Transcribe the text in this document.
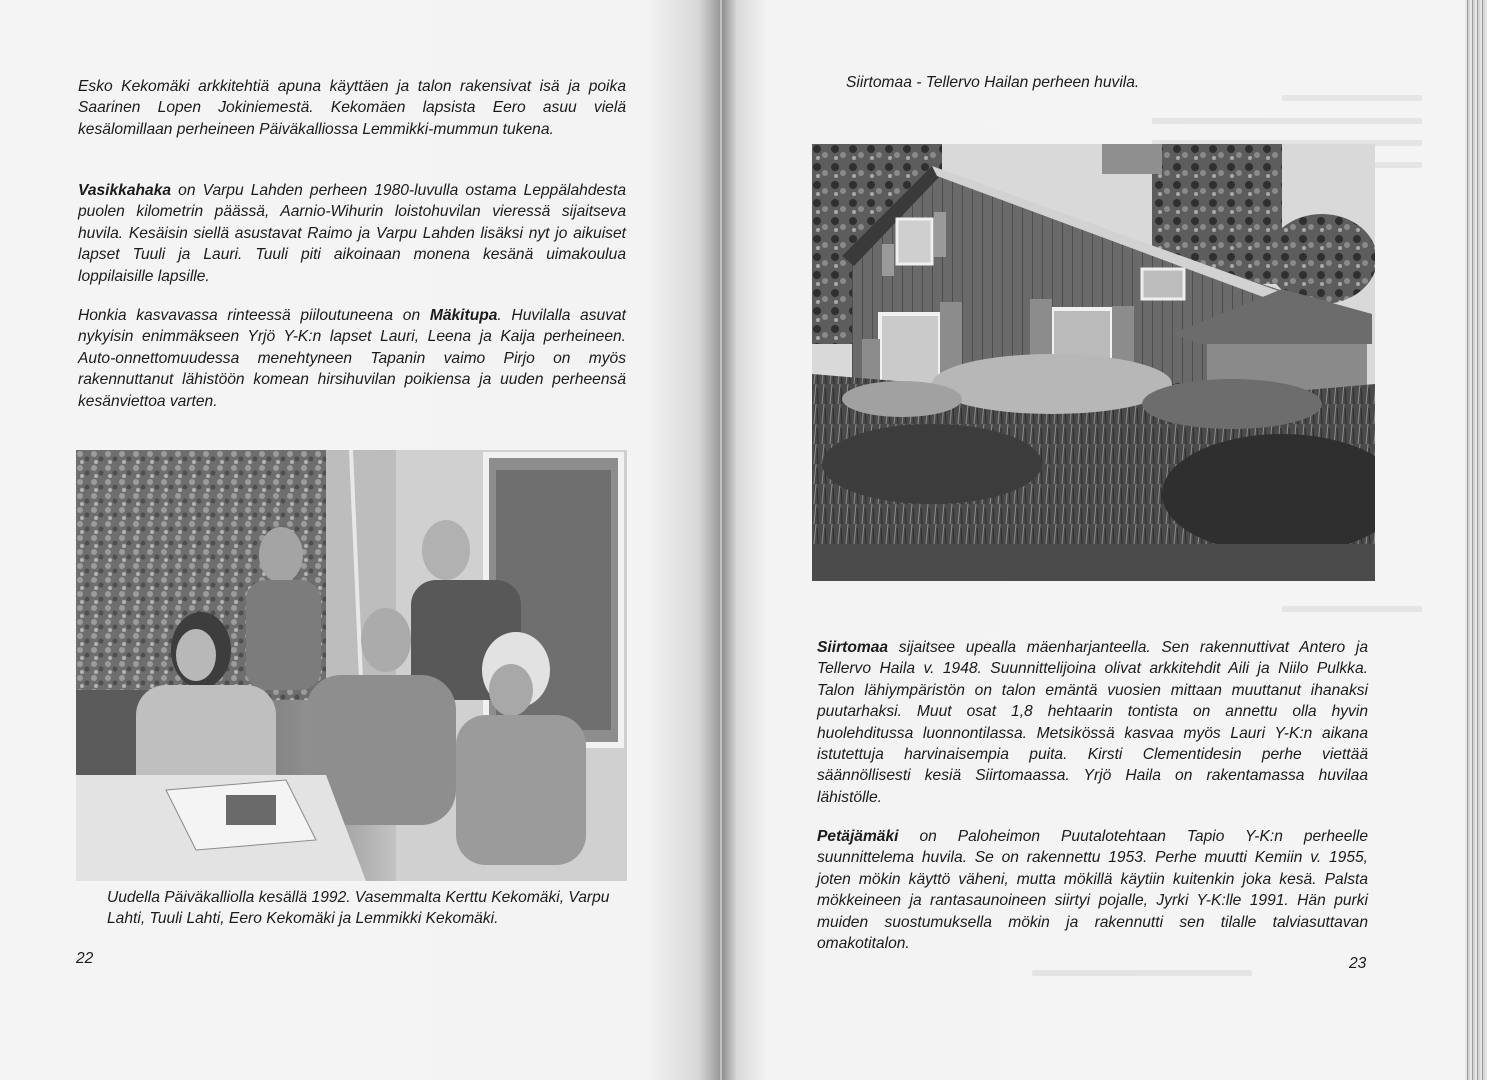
Esko Kekomäki arkkitehtiä apuna käyttäen ja talon rakensivat isä ja poika Saarinen Lopen Jokiniemestä. Kekomäen lapsista Eero asuu vielä kesälomillaan perheineen Päiväkalliossa Lemmikki-mummun tukena.
Vasikkahaka on Varpu Lahden perheen 1980-luvulla ostama Leppälahdesta puolen kilometrin päässä, Aarnio-Wihurin loistohuvilan vieressä sijaitseva huvila. Kesäisin siellä asustavat Raimo ja Varpu Lahden lisäksi nyt jo aikuiset lapset Tuuli ja Lauri. Tuuli piti aikoinaan monena kesänä uimakoulua loppilaisille lapsille.
Honkia kasvavassa rinteessä piiloutuneena on Mäkitupa. Huvilalla asuvat nykyisin enimmäkseen Yrjö Y-K:n lapset Lauri, Leena ja Kaija perheineen. Auto-onnettomuudessa menehtyneen Tapanin vaimo Pirjo on myös rakennuttanut lähistöön komean hirsihuvilan poikiensa ja uuden perheensä kesänviettoa varten.
Uudella Päiväkalliolla kesällä 1992. Vasemmalta Kerttu Kekomäki, Varpu Lahti, Tuuli Lahti, Eero Kekomäki ja Lemmikki Kekomäki.
22
Siirtomaa - Tellervo Hailan perheen huvila.
Siirtomaa sijaitsee upealla mäenharjanteella. Sen rakennuttivat Antero ja Tellervo Haila v. 1948. Suunnittelijoina olivat arkkitehdit Aili ja Niilo Pulkka. Talon lähiympäristön on talon emäntä vuosien mittaan muuttanut ihanaksi puutarhaksi. Muut osat 1,8 hehtaarin tontista on annettu olla hyvin huolehditussa luonnontilassa. Metsikössä kasvaa myös Lauri Y-K:n aikana istutettuja harvinaisempia puita. Kirsti Clementidesin perhe viettää säännöllisesti kesiä Siirtomaassa. Yrjö Haila on rakentamassa huvilaa lähistölle.
Petäjämäki on Paloheimon Puutalotehtaan Tapio Y-K:n perheelle suunnittelema huvila. Se on rakennettu 1953. Perhe muutti Kemiin v. 1955, joten mökin käyttö väheni, mutta mökillä käytiin kuitenkin joka kesä. Palsta mökkeineen ja rantasaunoineen siirtyi pojalle, Jyrki Y-K:lle 1991. Hän purki muiden suostumuksella mökin ja rakennutti sen tilalle talviasuttavan omakotitalon.
23
